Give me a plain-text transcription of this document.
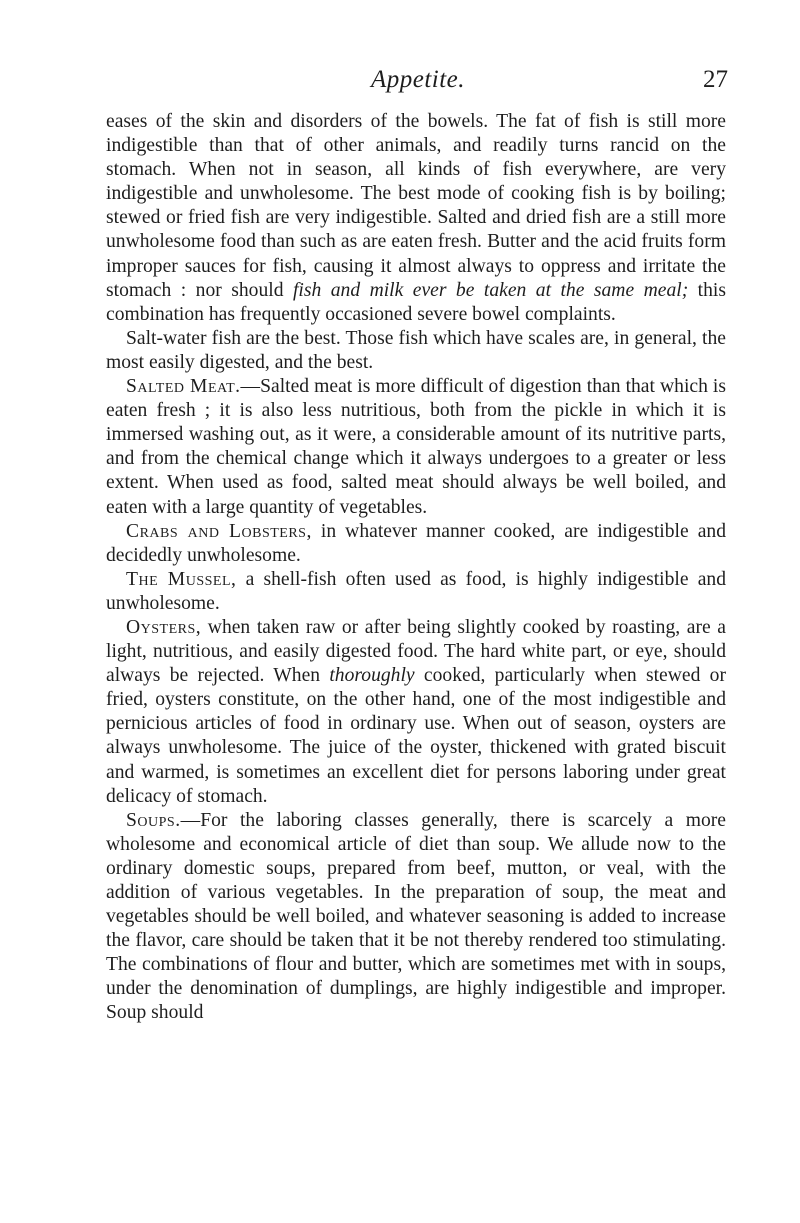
Appetite.	27

eases of the skin and disorders of the bowels. The fat of fish is still more indigestible than that of other animals, and readily turns rancid on the stomach. When not in season, all kinds of fish everywhere, are very indigestible and unwholesome. The best mode of cooking fish is by boiling; stewed or fried fish are very indigestible. Salted and dried fish are a still more unwholesome food than such as are eaten fresh. Butter and the acid fruits form improper sauces for fish, causing it almost always to oppress and irritate the stomach : nor should fish and milk ever be taken at the same meal; this combination has frequently occasioned severe bowel complaints.

Salt-water fish are the best. Those fish which have scales are, in general, the most easily digested, and the best.

Salted Meat.—Salted meat is more difficult of digestion than that which is eaten fresh ; it is also less nutritious, both from the pickle in which it is immersed washing out, as it were, a considerable amount of its nutritive parts, and from the chemical change which it always undergoes to a greater or less extent. When used as food, salted meat should always be well boiled, and eaten with a large quantity of vegetables.

Crabs and Lobsters, in whatever manner cooked, are indigestible and decidedly unwholesome.

The Mussel, a shell-fish often used as food, is highly indigestible and unwholesome.

Oysters, when taken raw or after being slightly cooked by roasting, are a light, nutritious, and easily digested food. The hard white part, or eye, should always be rejected. When thoroughly cooked, particularly when stewed or fried, oysters constitute, on the other hand, one of the most indigestible and pernicious articles of food in ordinary use. When out of season, oysters are always unwholesome. The juice of the oyster, thickened with grated biscuit and warmed, is sometimes an excellent diet for persons laboring under great delicacy of stomach.

Soups.—For the laboring classes generally, there is scarcely a more wholesome and economical article of diet than soup. We allude now to the ordinary domestic soups, prepared from beef, mutton, or veal, with the addition of various vegetables. In the preparation of soup, the meat and vegetables should be well boiled, and whatever seasoning is added to increase the flavor, care should be taken that it be not thereby rendered too stimulating. The combinations of flour and butter, which are sometimes met with in soups, under the denomination of dumplings, are highly indigestible and improper. Soup should
